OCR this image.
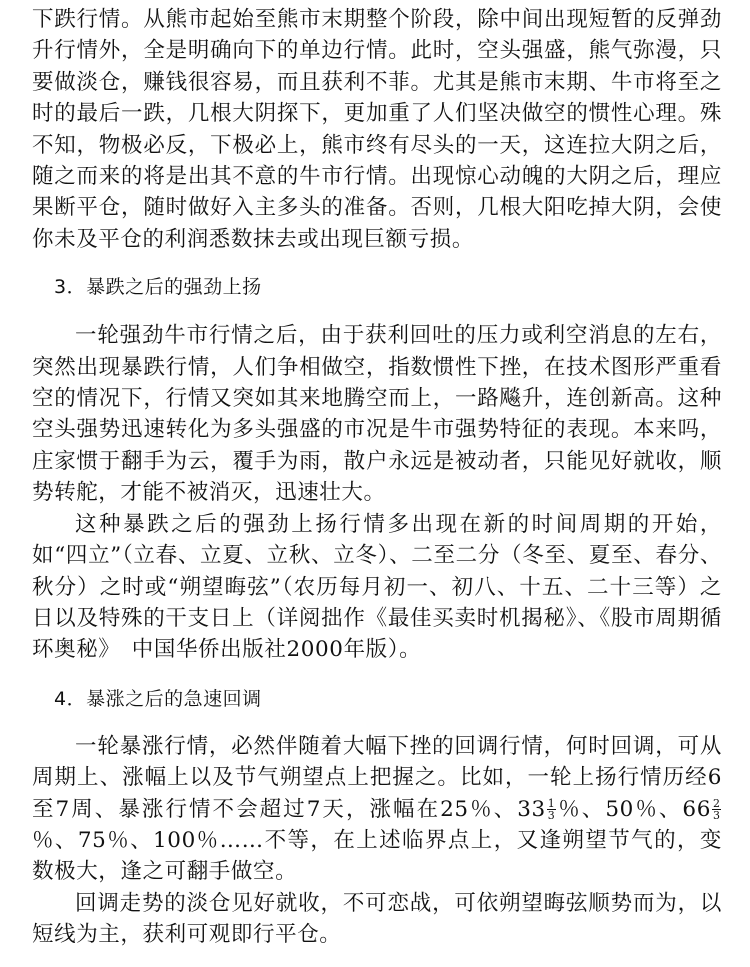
下跌行情。从熊市起始至熊市末期整个阶段，除中间出现短暂的反弹劲升行情外，全是明确向下的单边行情。此时，空头强盛，熊气弥漫，只要做淡仓，赚钱很容易，而且获利不菲。尤其是熊市末期、牛市将至之时的最后一跌，几根大阴探下，更加重了人们坚决做空的惯性心理。殊不知，物极必反，下极必上，熊市终有尽头的一天，这连拉大阴之后，随之而来的将是出其不意的牛市行情。出现惊心动魄的大阴之后，理应果断平仓，随时做好入主多头的准备。否则，几根大阳吃掉大阴，会使你未及平仓的利润悉数抹去或出现巨额亏损。

3．暴跌之后的强劲上扬

一轮强劲牛市行情之后，由于获利回吐的压力或利空消息的左右，突然出现暴跌行情，人们争相做空，指数惯性下挫，在技术图形严重看空的情况下，行情又突如其来地腾空而上，一路飚升，连创新高。这种空头强势迅速转化为多头强盛的市况是牛市强势特征的表现。本来吗，庄家惯于翻手为云，覆手为雨，散户永远是被动者，只能见好就收，顺势转舵，才能不被消灭，迅速壮大。

这种暴跌之后的强劲上扬行情多出现在新的时间周期的开始，如“四立”（立春、立夏、立秋、立冬）、二至二分（冬至、夏至、春分、秋分）之时或“朔望晦弦”（农历每月初一、初八、十五、二十三等）之日以及特殊的干支日上（详阅拙作《最佳买卖时机揭秘》、《股市周期循环奥秘》　中国华侨出版社2000年版）。

4．暴涨之后的急速回调

一轮暴涨行情，必然伴随着大幅下挫的回调行情，何时回调，可从周期上、涨幅上以及节气朔望点上把握之。比如，一轮上扬行情历经6至7周、暴涨行情不会超过7天，涨幅在25％、$33 \frac{1}{3}$ ％、50％、$66 \frac{2}{3}$
％、75％、100％……不等，在上述临界点上，又逢朔望节气的，变数极大，逢之可翻手做空。

回调走势的淡仓见好就收，不可恋战，可依朔望晦弦顺势而为，以短线为主，获利可观即行平仓。
